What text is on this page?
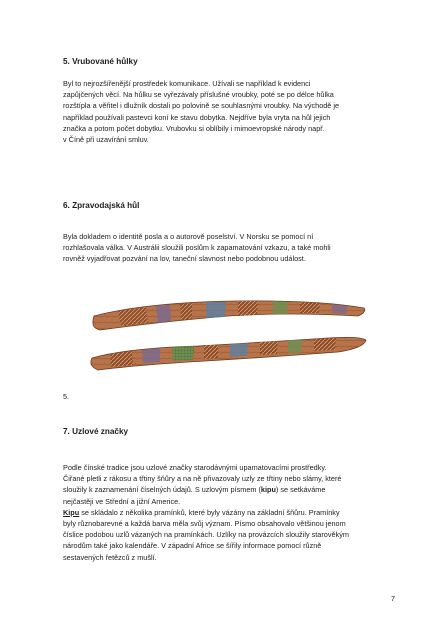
5. Vrubované hůlky

Byl to nejrozšířenější prostředek komunikace. Užívali se například k evidenci

zapůjčených věcí. Na hůlku se vyřezávaly příslušné vroubky, poté se po délce hůlka

rozštípla a věřitel i dlužník dostali po polovině se souhlasnými vroubky. Na východě je

například používali pastevci koní ke stavu dobytka. Nejdříve byla vryta na hůl jejich

značka a potom počet dobytku. Vrubovku si oblíbily i mimoevropské národy např.

v Číně při uzavírání smluv.

6. Zpravodajská hůl

Byla dokladem o identitě posla a o autorově poselství. V Norsku se pomocí ní

rozhlašovala válka. V Austrálii sloužili poslům k zapamatování vzkazu, a také mohli

rovněž vyjadřovat pozvání na lov, taneční slavnost nebo podobnou událost.

5.
7. Uzlové značky

Podle čínské tradice jsou uzlové značky starodávnými upamatovacími prostředky.

Čiřané pletli z rákosu a třtiny šňůry a na ně přivazovaly uzly ze třtiny nebo slámy, které

sloužily k zaznamenání číselných údajů. S uzlovým písmem (kipu) se setkáváme

nejčastěji ve Střední a jižní Americe.

Kipu se skládalo z několika pramínků, které byly vázány na základní šňůru. Pramínky

byly různobarevné a každá barva měla svůj význam. Písmo obsahovalo většinou jenom

číslice podobou uzlů vázaných na pramínkách. Uzlíky na provázcích sloužily starověkým

národům také jako kalendáře. V západní Africe se šířily informace pomocí různě

sestavených řetězců z mušlí.

7
